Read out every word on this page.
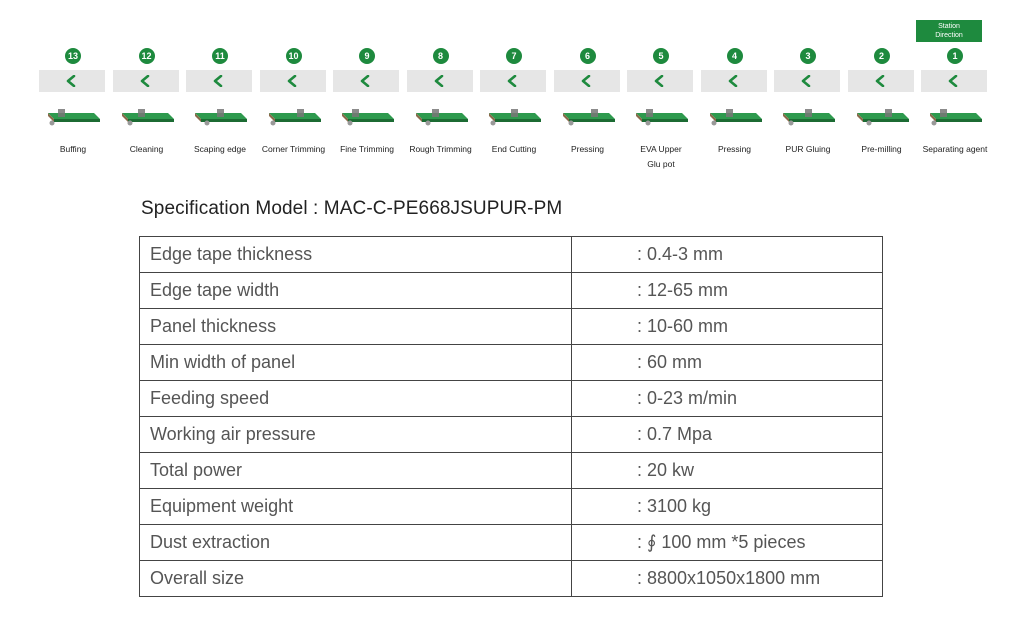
Station
Direction
13
Buffing
12
Cleaning
11
Scaping edge
10
Corner Trimming
9
Fine Trimming
8
Rough Trimming
7
End Cutting
6
Pressing
5
EVA Upper
Glu pot
4
Pressing
3
PUR Gluing
2
Pre-milling
1
Separating agent
Specification Model : MAC-C-PE668JSUPUR-PM
Edge tape thickness	: 0.4-3 mm
Edge tape width	: 12-65 mm
Panel thickness	: 10-60 mm
Min width of panel	: 60 mm
Feeding speed	: 0-23 m/min
Working air pressure	: 0.7 Mpa
Total power	: 20 kw
Equipment weight	: 3100 kg
Dust extraction	: ∮ 100 mm *5 pieces
Overall size	: 8800x1050x1800 mm
